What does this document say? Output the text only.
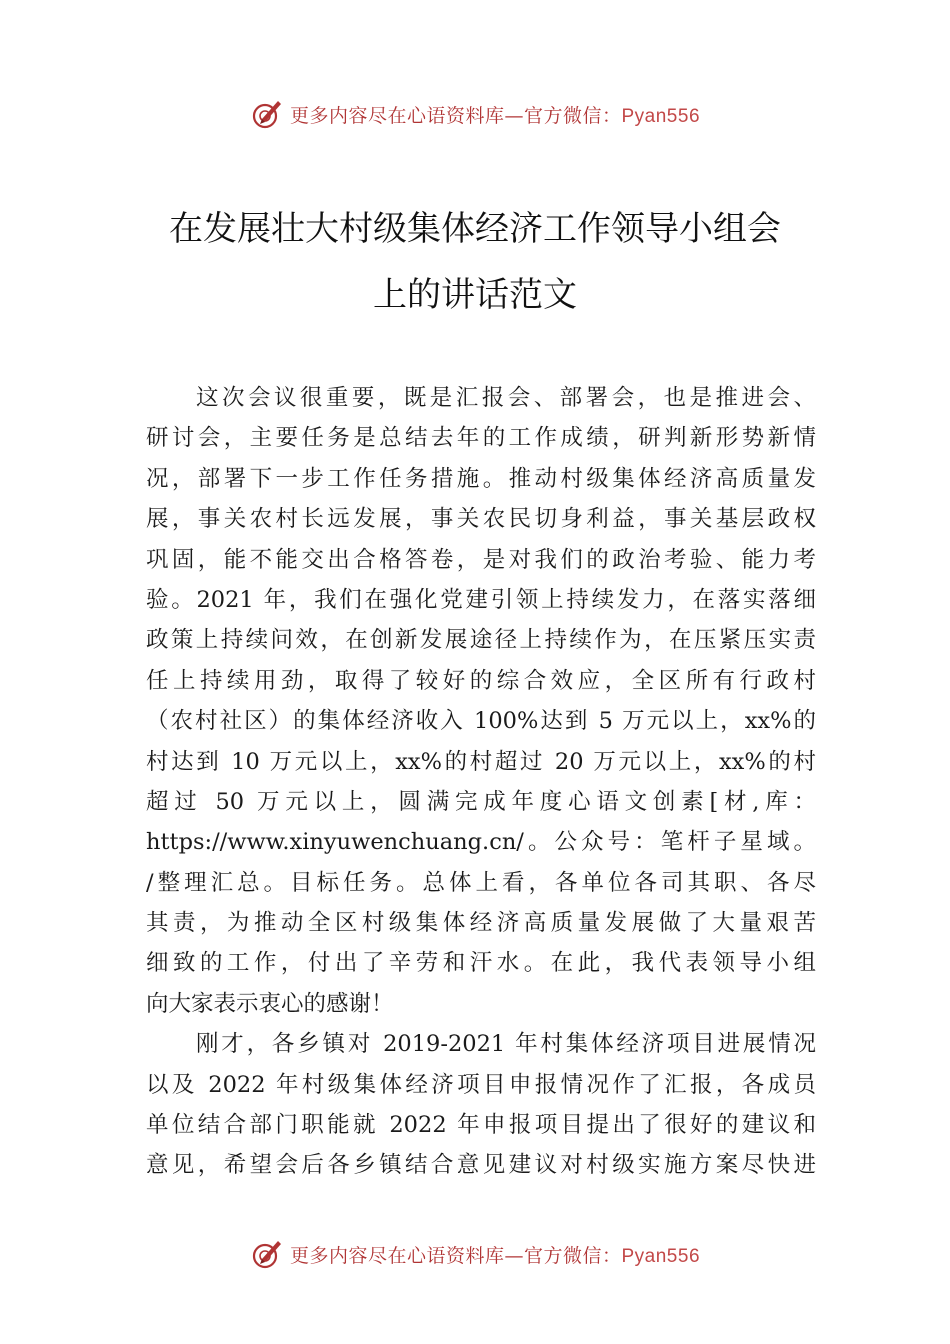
更多内容尽在心语资料库—官方微信：Pyan556
在发展壮大村级集体经济工作领导小组会
上的讲话范文
这次会议很重要，既是汇报会、部署会，也是推进会、
研讨会，主要任务是总结去年的工作成绩，研判新形势新情
况，部署下一步工作任务措施。推动村级集体经济高质量发
展，事关农村长远发展，事关农民切身利益，事关基层政权
巩固，能不能交出合格答卷，是对我们的政治考验、能力考
验。2021 年，我们在强化党建引领上持续发力，在落实落细
政策上持续问效，在创新发展途径上持续作为，在压紧压实责
任上持续用劲，取得了较好的综合效应，全区所有行政村
（农村社区）的集体经济收入 100%达到 5 万元以上，xx%的
村达到 10 万元以上，xx%的村超过 20 万元以上，xx%的村
超过 50 万元以上，圆满完成年度心语文创素[材,库：
https://www.xinyuwenchuang.cn/。公众号：笔杆子星域。
/整理汇总。目标任务。总体上看，各单位各司其职、各尽
其责，为推动全区村级集体经济高质量发展做了大量艰苦
细致的工作，付出了辛劳和汗水。在此，我代表领导小组
向大家表示衷心的感谢！
刚才，各乡镇对 2019-2021 年村集体经济项目进展情况
以及 2022 年村级集体经济项目申报情况作了汇报，各成员
单位结合部门职能就 2022 年申报项目提出了很好的建议和
意见，希望会后各乡镇结合意见建议对村级实施方案尽快进
更多内容尽在心语资料库—官方微信：Pyan556
